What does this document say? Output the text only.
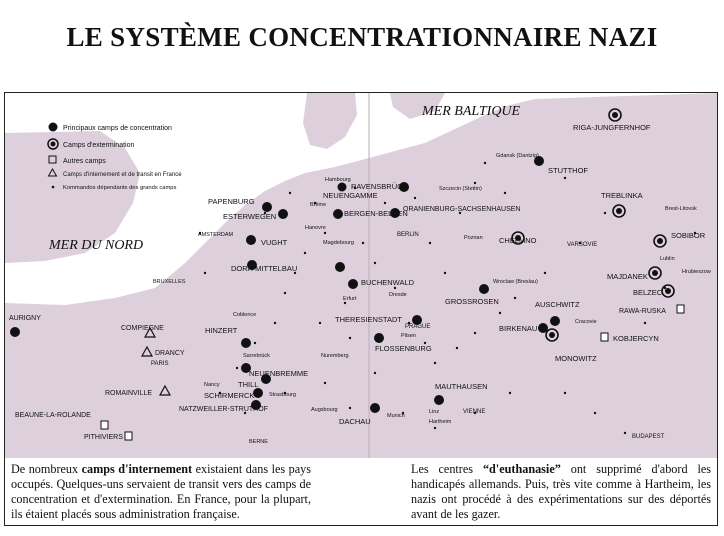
LE SYSTÈME CONCENTRATIONNAIRE NAZI
Principaux camps de concentration
Camps d'extermination
Autres camps
Camps d'internement et de transit en France
Kommandos dépendants des grands camps
MER BALTIQUE
MER DU NORD
RIGA-JUNGFERNHOF
STUTTHOF
RAVENSBRÜCK
NEUENGAMME
PAPENBURG
ESTERWEGEN	BERGEN-BELSEN
ORANIENBURG-SACHSENHAUSEN
VUGHT
DORA-MITTELBAU
BUCHENWALD
THERESIENSTADT
FLOSSENBURG
GROSSROSEN	AUSCHWITZ
BIRKENAU
MONOWITZ
MAUTHAUSEN
DACHAU
HINZERT
NEUENBREMME
THILL
SCHIRMERCK
NATZWEILLER-STRUTHOF
CHELMNO
TREBLINKA
SOBIBOR
MAJDANEK
BELZEC
RAWA-RUSKA
KOBJERCYN
AURIGNY
COMPIEGNE
DRANCY
ROMAINVILLE
BEAUNE-LA-ROLANDE
PITHIVIERS
Gdansk (Dantzig)
Szczecin (Stettin)
Hambourg
Brême
Hanovre
Magdebourg
BERLIN	Poznan
VARSOVIE
Brest-Litovsk
Lublin
Hrubieszow
Wroclaw (Breslau)
Cracovie
AMSTERDAM
BRUXELLES
Coblence
Erfurt
Dresde
Pilsen
PRAGUE
Nuremberg
Sarrebrück
Strasbourg
Nancy
PARIS
Augsbourg
Munich
Linz
Hartheim
VIENNE
BUDAPEST
BERNE
De nombreux camps d'internement existaient dans les pays occupés. Quelques-uns servaient de transit vers des camps de concentration et d'extermination. En France, pour la plupart, ils étaient placés sous administration française.
Les centres “d'euthanasie” ont supprimé d'abord les handicapés allemands. Puis, très vite comme à Hartheim, les nazis ont procédé à des expérimentations sur des déportés avant de les gazer.
